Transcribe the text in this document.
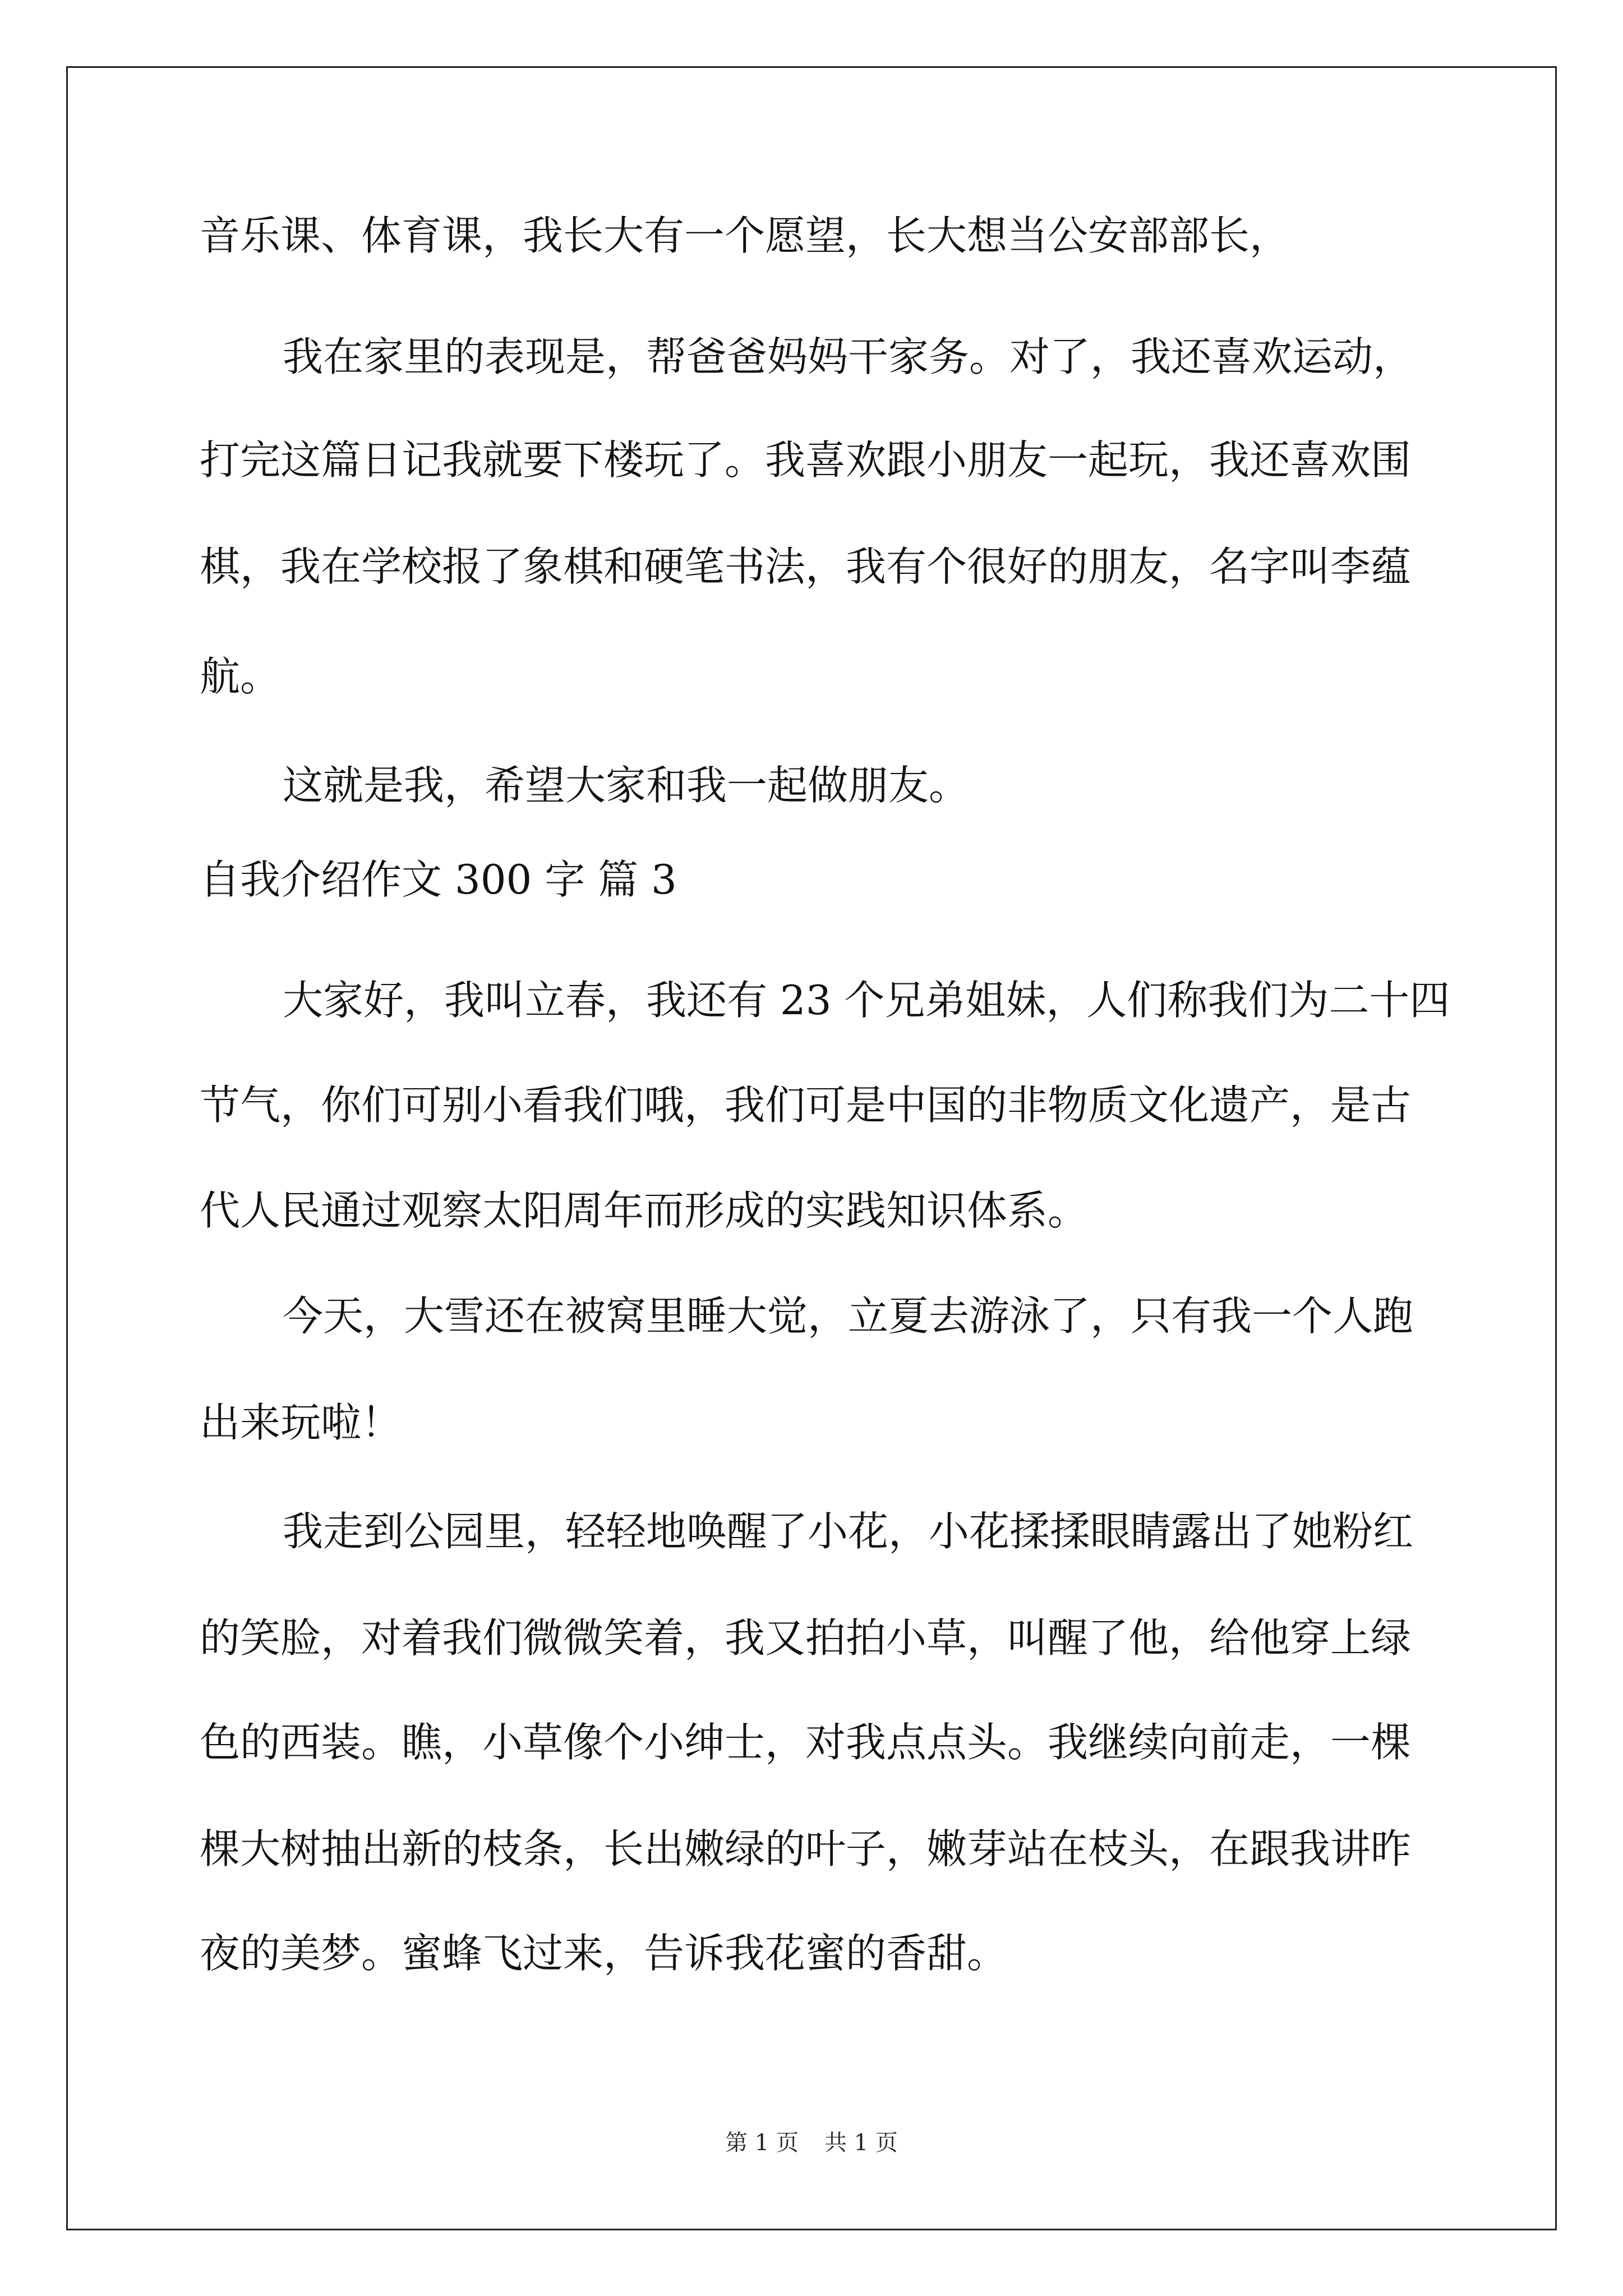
音乐课、体育课，我长大有一个愿望，长大想当公安部部长，
我在家里的表现是，帮爸爸妈妈干家务。对了，我还喜欢运动，
打完这篇日记我就要下楼玩了。我喜欢跟小朋友一起玩，我还喜欢围
棋，我在学校报了象棋和硬笔书法，我有个很好的朋友，名字叫李蕴
航。
这就是我，希望大家和我一起做朋友。
自我介绍作文 300 字 篇 3
大家好，我叫立春，我还有 23 个兄弟姐妹，人们称我们为二十四
节气，你们可别小看我们哦，我们可是中国的非物质文化遗产，是古
代人民通过观察太阳周年而形成的实践知识体系。
今天，大雪还在被窝里睡大觉，立夏去游泳了，只有我一个人跑
出来玩啦！
我走到公园里，轻轻地唤醒了小花，小花揉揉眼睛露出了她粉红
的笑脸，对着我们微微笑着，我又拍拍小草，叫醒了他，给他穿上绿
色的西装。瞧，小草像个小绅士，对我点点头。我继续向前走，一棵
棵大树抽出新的枝条，长出嫩绿的叶子，嫩芽站在枝头，在跟我讲昨
夜的美梦。蜜蜂飞过来，告诉我花蜜的香甜。
第 1 页 共 1 页
